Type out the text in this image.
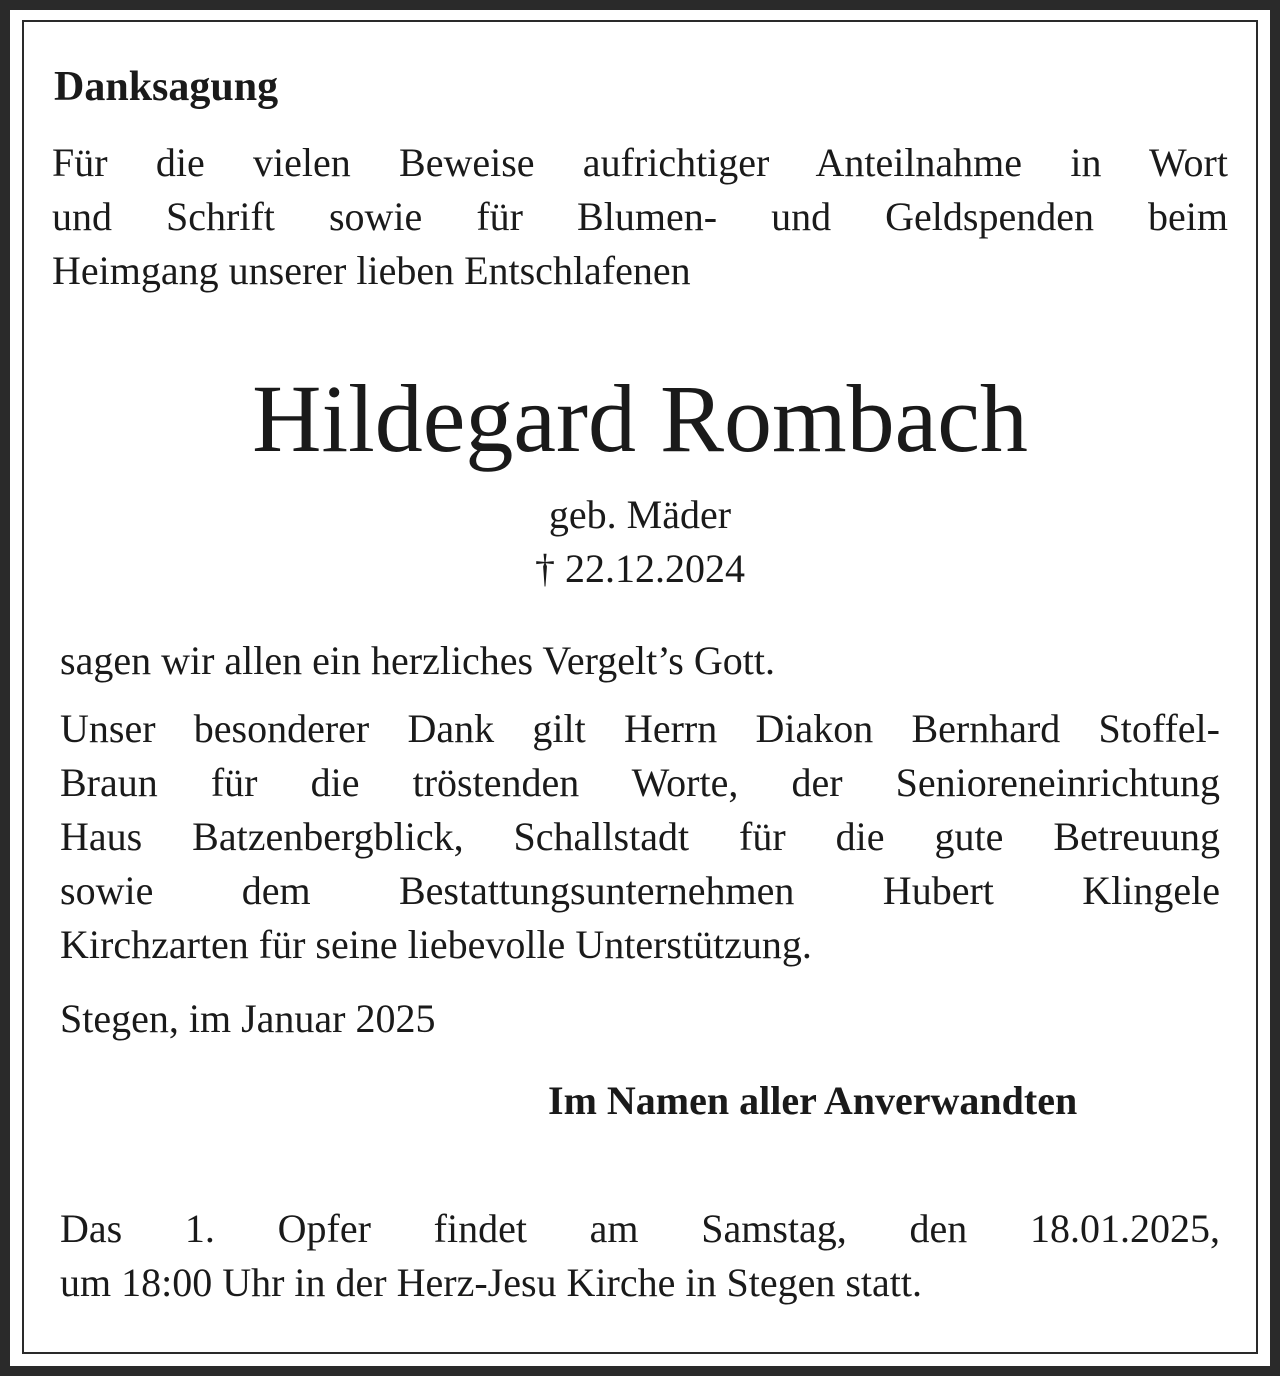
Danksagung

Für die vielen Beweise aufrichtiger Anteilnahme in Wort
und Schrift sowie für Blumen- und Geldspenden beim
Heimgang unserer lieben Entschlafenen

Hildegard Rombach

geb. Mäder

† 22.12.2024

sagen wir allen ein herzliches Vergelt’s Gott.

Unser besonderer Dank gilt Herrn Diakon Bernhard Stoffel-
Braun für die tröstenden Worte, der Senioreneinrichtung
Haus Batzenbergblick, Schallstadt für die gute Betreuung
sowie dem Bestattungsunternehmen Hubert Klingele
Kirchzarten für seine liebevolle Unterstützung.

Stegen, im Januar 2025

Im Namen aller Anverwandten

Das 1. Opfer findet am Samstag, den 18.01.2025,
um 18:00 Uhr in der Herz-Jesu Kirche in Stegen statt.
